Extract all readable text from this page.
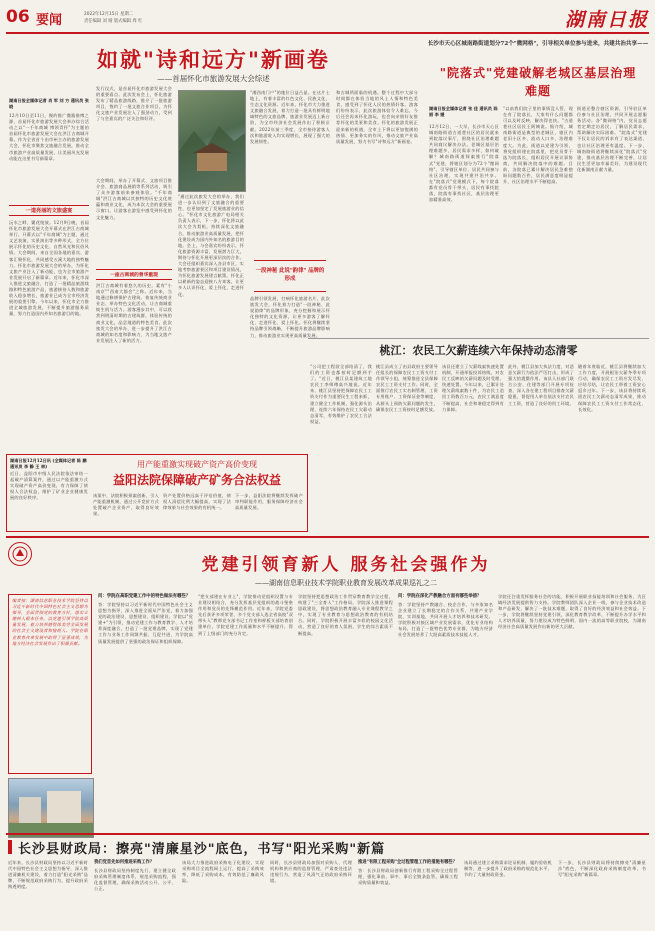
06 要闻	2022年12月15日 星期二
责任编辑 刘 晴 版式编辑 周 红	湖南日报
如就"诗和远方"新画卷
——首届怀化市旅游发展大会综述
湖南日报全媒体记者 肖 军 刘 方 通讯员 张 晓
12月10日至11日，慢约推广微酱推博之源，首届怀化市旅游发展大会举办综合活动之以"一千年商城 博领青怀"为主题的首届怀化市旅游发展大会在洪江古商城开幕。作为全省首个由市州主办的旅游发展大会，怀化市聚焦文旅融合发展，推动全市旅游产业高质量发展，让美丽风光发展动能在这里书写新篇章。
一道亮丽的文旅盛宴
沅水之畔，繁花绽放。12月9日晚，首届怀化市旅游发展大会开幕式在洪江古商城举行。开幕式以"千年商城"为主题，通过文艺表演、实景演出等多种形式，全方位展示怀化的历史文化、自然风光和民俗风情。大会期间，来自全国各地的嘉宾、游客汇聚怀化，共同感受五溪大地的独特魅力。怀化市旅游发展大会的举办，为怀化文旅产业注入了新动能，也为全市旅游产业发展开启了新篇章。近年来，怀化市深入推进文旅融合，打造了一批精品旅游线路和特色旅游产品，旅游接待人数和旅游收入稳步增长，旅游业已成为全市经济发展的重要引擎。今年以来，怀化市全力推进全域旅游发展，不断提升旅游服务质量，努力打造国内外知名旅游目的地。
发行仪式，是首届怀化市旅游发展大会的重要看点。此次发布会上，怀化旅游发布了精品旅游线路，推介了一批旅游项目，签约了一批文旅合作项目，为怀化文旅产业发展注入了强劲动力，受到了与会嘉宾的广泛关注和好评。
大会期间，举办了开幕式、文旅项目推介会、旅游商品展销等系列活动，吸引了众多游客前来参观体验。"千年商城"洪江古商城以其独特的历史文化底蕴和商业文化，成为本次大会的重要展示窗口，让游客在游览中感受到怀化的文化魅力。
一座古商城的曾华重现
洪江古商城有着悠久的历史，素有"小南京""西南大都会"之称。近年来，当地通过修缮保护古建筑、恢复传统商业业态、举办特色文化活动，让古商城重焕生机与活力。游客漫步其中，可以欣赏到明清时期的古建筑群，体验传统的商业文化，品尝地道的特色美食。此次旅发大会的举办，进一步提升了洪江古商城的知名度和影响力，为当地文旅产业发展注入了新的活力。
"通过此次旅发大会的举办，我们进一步认识到了文旅融合的重要性，也更加坚定了发展旅游业的信心。"怀化市文化旅游广电局相关负责人表示，下一步，怀化将以此次大会为契机，持续深化文旅融合，推动旅游业高质量发展，把怀化建设成为国内外知名的旅游目的地。会上，与会嘉宾纷纷表示，怀化旅游资源丰富，发展潜力巨大，期待与怀化开展更深层次的合作。大会还组织嘉宾深入各县市区，实地考察旅游景区和项目建设情况，为怀化旅游发展建言献策。怀化正以崭新的姿态迎接八方来客，让更多人认识怀化、爱上怀化、走进怀化。
"湘西南门户"的地位日益凸显。在这片土地上，有着丰富的红色文化、民族文化、生态文化资源。近年来，怀化市大力推进文旅融合发展，着力打造一批具有鲜明地域特色的文旅品牌，旅游业发展迈上新台阶，为全市经济社会发展作出了积极贡献。2022年前三季度，全市接待游客人次和旅游收入均实现增长，展现了强大的发展韧性。
一段神秘 此说"韵律" 品牌的形成
品牌引领发展，打响怀化旅游名片。此次旅发大会，怀化着力打造"一段神秘、此说韵律"的品牌形象，充分挖掘和展示怀化独特的文化资源，让更多游客了解怀化、走进怀化、爱上怀化。怀化将继续坚持品牌引领战略，不断提升旅游品牌影响力，推动旅游业实现更高质量发展。
和古城所面临的机遇。整个过程中大部分时间都在体验当地的风土人情和特色美食，感受到了怀化人民的热情好客。游客们纷纷表示，此次旅游体验令人难忘，今后还会再来怀化游玩，也会向亲朋好友推荐怀化的美景和美食。怀化的旅游发展正迎来新的机遇，全市上下将以更加饱满的热情、更加务实的作风，推动文旅产业高质量发展，努力书写"诗和远方"新画卷。
长沙市天心区城南路街道划分72个"微网格"，引导相关单位参与进来，共建共治共享——
"院落式"党建破解老城区基层治理难题
湖南日报全媒体记者 张 佳 通讯员 陈 丽 李 媛
12月12日，一大早，长沙市天心区城南路街道古道巷社区的居民就来到院落议事厅，围绕社区治理难题共同商议解决办法。老城区基层治理难题多，居民需求多样，如何破解？城南路街道探索推行"院落式"党建，将辖区划分为72个"微网格"，引导辖区单位、居民共同参与社区治理，实现共建共治共享。在"院落式"党建模式下，每个院落都有党员骨干带头，居民有事找院落，院落有事找社区，基层治理更加精准高效。
"以前我们院子里的事情没人管，现在有了院落长，大家有什么问题都可以及时反映，解决得也快。"古道巷社区居民王阿姨说。据介绍，城南路街道是典型的老城区，辖区内老旧小区多、流动人口多，治理难度大。为此，街道以党建为引领，将党组织建在院落里，把党员骨干选为院落长，组织居民开展议事协商，共同解决院落中的难题。目前，各院落已累计解决居民急难愁盼问题数百件，居民满意度明显提升，社区治理水平不断提高。
街道还整合辖区资源，引导驻区单位参与社区治理，共同开展志愿服务活动。各"微网格"内，党员志愿者定期走访居民，了解居民需求，帮助解决实际困难。"院落式"党建不仅让居民的诉求有了表达渠道，也让社区治理更有温度。下一步，城南路街道将继续深化"院落式"党建，推动基层治理不断完善，让居民生活更加幸福美好，为建设现代化新湖南贡献力量。
桃江：农民工欠薪连续六年保持动态清零
"公司把工程款全部结清了，我们的工资也都按时足额到手了。"近日，桃江县某建筑工地农民工李师傅高兴地说。近年来，桃江县坚持把保障农民工工资支付作为重要民生工程来抓，建立健全工作机制，强化源头治理，连续六年保持农民工欠薪动态清零，有效维护了农民工合法权益。
桃江县成立了由县政府主要领导任组长的保障农民工工资支付工作领导小组，统筹推进全县保障农民工工资支付工作。同时，全面推行农民工实名制管理、工资专用账户、工资保证金等制度，从源头上预防欠薪问题的发生，确保农民工工资按时足额发放。
该县还建立了欠薪线索快速处置机制，开通举报投诉热线，对农民工反映的欠薪问题及时受理、快速处置。今年以来，已累计处理欠薪线索数十件，为农民工追回工资数百万元，农民工满意度不断提高，社会和谐稳定得到有力保障。
此外，桃江县加大执法力度，对恶意欠薪行为依法严厉打击，形成了强大的震慑作用。该县人社部门联合公安、住建等部门开展专项检查，深入各在建工程项目排查欠薪隐患，督促用人单位依法支付农民工工资，营造了良好的用工环境。
随着年底临近，桃江县将继续加大工作力度，开展根治欠薪冬季专项行动，确保农民工工资应发尽发、应结尽结，让农民工带着工资安心返乡过年。下一步，该县将持续巩固农民工欠薪动态清零成果，推动保障农民工工资支付工作常态化、长效化。
湖南日报12月12日讯 (全媒体记者 陈 鹏 通讯员 李 静 王 林)
近日，益阳市中级人民法院依法审结一起破产清算案件，通过以产能重激方式实现破产资产高价变现，有力保障了债权人合法权益，维护了矿业企业健康发展的良好秩序。
用产能重激实现破产资产高价变现
益阳法院保障破产矿务合法权益
该案中，法院积极探索创新，引入产能重激机制，通过公开竞价方式处置破产企业资产，取得良好效果。
资产处置价格远高于评估价值，债权人清偿比例大幅提高，实现了法律效果与社会效果的有机统一。
下一步，益阳法院将继续发挥破产审判职能作用，服务保障经济社会高质量发展。
党建引领育新人 服务社会强作为
——湖南信息职业技术学院职业教育发展改革成果巡礼之二
编者按：湖南信息职业技术学院坚持以习近平新时代中国特色社会主义思想为指导，全面贯彻党的教育方针，落实立德树人根本任务，以党建引领学院高质量发展，着力培养德智体美劳全面发展的社会主义建设者和接班人。学院在职业教育改革发展中取得了显著成效，为地方经济社会发展作出了积极贡献。
问：学院在高职党建工作中的特色做法有哪些？
答：学院坚持以习近平新时代中国特色社会主义思想为指导，深入推进全面从严治党，着力加强党的政治建设、思想建设、组织建设。学院以"党建+"为引领，推动党建工作与教育教学、人才培养深度融合，打造了一批党建品牌，实现了党建工作与业务工作同频共振、互促共进，为学院高质量发展提供了坚强的政治保证和组织保障。
"把支部建在专业上"，学院推动党组织设置与专业建设相结合，充分发挥基层党组织的战斗堡垒作用和党员的先锋模范作用。近年来，学院党委先后获评多项荣誉，多个党支部入选全省高校"双带头人"教师党支部书记工作室和样板支部培育创建单位，学院党建工作质量和水平不断提升，得到了上级部门的充分肯定。
学院坚持把思想政治工作贯穿教育教学全过程，构建了"三全育人"工作格局。学院深入推进课程思政建设，将思想政治教育融入专业课程教学之中，实现了专业教育与思想政治教育的有机结合。同时，学院积极开展丰富多彩的校园文化活动，营造了良好的育人氛围，学生的综合素质不断提高。
问：学院在深化产教融合方面有哪些举措？
答：学院坚持产教融合、校企合作，与多家知名企业建立了长期稳定的合作关系，共建产业学院、实训基地，共同开展人才培养和技术研发。学院积极对接区域产业发展需求，优化专业结构布局，打造了一批特色优势专业群，为地方经济社会发展培养了大批高素质技术技能人才。
学院还注重发挥服务社会的功能，积极开展职业技能培训和社会服务，为区域经济发展提供智力支持。学院教师团队深入企业一线，参与企业技术改造和产品研发，解决了一批技术难题，取得了良好的经济效益和社会效益。下一步，学院将继续坚持党建引领，深化教育教学改革，不断提升办学水平和人才培养质量，努力建设成为特色鲜明、国内一流的高等职业院校，为湖南经济社会高质量发展作出新的更大贡献。
长沙县财政局：擦亮"清廉星沙"底色，书写"阳光采购"新篇
近年来，长沙县财政局坚持以习近平新时代中国特色社会主义思想为指导，深入推进清廉机关建设，着力打造"阳光采购"品牌，不断规范政府采购行为，提升政府采购透明度。
我们党首先如何推进采购工作？
长沙县财政局坚持制度先行，建立健全政府采购管理制度体系，规范采购流程，强化监督管理，确保采购活动公开、公平、公正。
该局大力推进政府采购电子化建设，实现采购项目全流程网上运行，提高了采购效率，降低了采购成本，有效防范了廉政风险。
同时，长沙县财政局加强对采购人、代理机构和供应商的监督管理，严肃查处违法违规行为，营造了风清气正的政府采购环境。
推进"有限工程采购"全过程管理工作的措施有哪些？
答：长沙县财政局创新推行有限工程采购全过程管理，强化事前、事中、事后全链条监管，确保工程采购质量和效益。
该局通过建立采购需求论证机制、履约验收机制等，进一步提升了政府采购的规范化水平，节约了大量财政资金。
下一步，长沙县财政局将持续擦亮"清廉星沙"底色，不断深化政府采购制度改革，书写"阳光采购"新篇章。
